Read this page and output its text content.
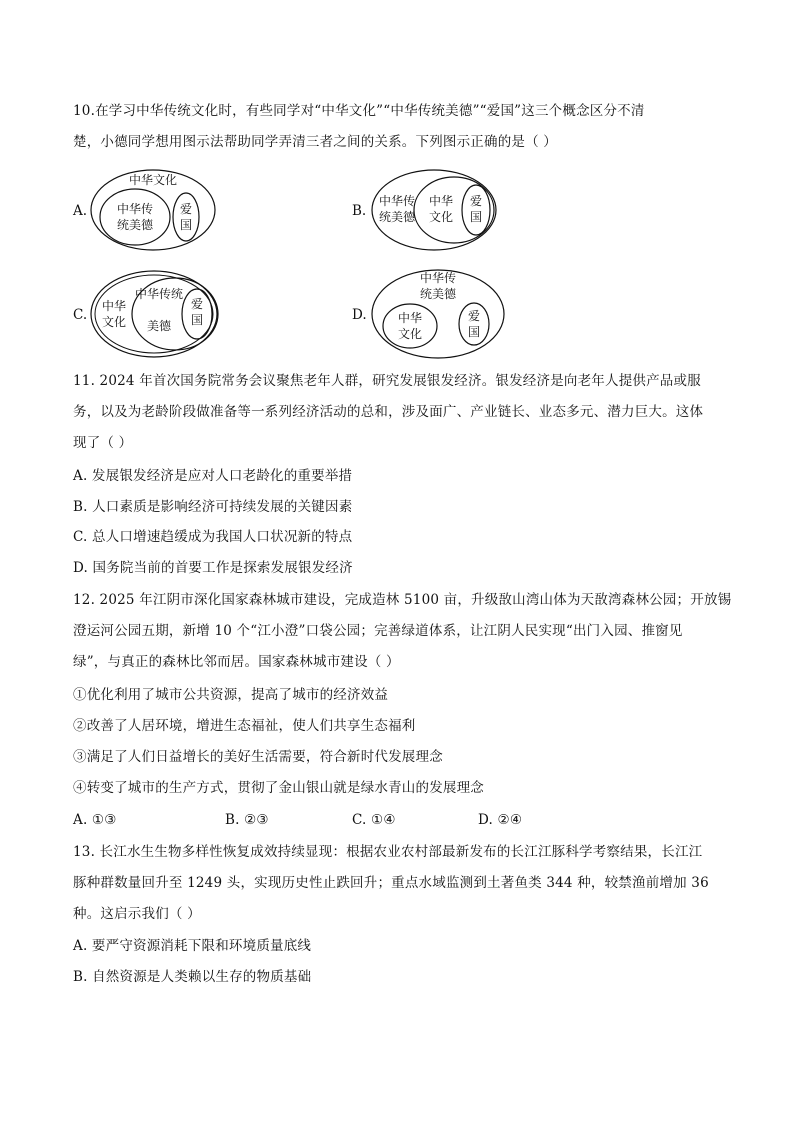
10.在学习中华传统文化时，有些同学对“中华文化”“中华传统美德”“爱国”这三个概念区分不清
楚，小德同学想用图示法帮助同学弄清三者之间的关系。下列图示正确的是（ ）
A.
中华文化
中华传
统美德
爱
国
B.
中华传
统美德
中华
文化
爱
国
C.
中华
文化
中华传统
美德
爱
国	D.
中华传
统美德
中华
文化
爱
国
11. 2024 年首次国务院常务会议聚焦老年人群，研究发展银发经济。银发经济是向老年人提供产品或服
务，以及为老龄阶段做准备等一系列经济活动的总和，涉及面广、产业链长、业态多元、潜力巨大。这体
现了（ ）
A. 发展银发经济是应对人口老龄化的重要举措
B. 人口素质是影响经济可持续发展的关键因素
C. 总人口增速趋缓成为我国人口状况新的特点
D. 国务院当前的首要工作是探索发展银发经济
12. 2025 年江阴市深化国家森林城市建设，完成造林 5100 亩，升级敔山湾山体为天敔湾森林公园；开放锡
澄运河公园五期，新增 10 个“江小澄”口袋公园；完善绿道体系，让江阴人民实现“出门入园、推窗见
绿”，与真正的森林比邻而居。国家森林城市建设（ ）
①优化利用了城市公共资源，提高了城市的经济效益
②改善了人居环境，增进生态福祉，使人们共享生态福利
③满足了人们日益增长的美好生活需要，符合新时代发展理念
④转变了城市的生产方式，贯彻了金山银山就是绿水青山的发展理念
A. ①③	B. ②③	C. ①④	D. ②④
13. 长江水生生物多样性恢复成效持续显现：根据农业农村部最新发布的长江江豚科学考察结果，长江江
豚种群数量回升至 1249 头，实现历史性止跌回升；重点水域监测到土著鱼类 344 种，较禁渔前增加 36
种。这启示我们（ ）
A. 要严守资源消耗下限和环境质量底线
B. 自然资源是人类赖以生存的物质基础
